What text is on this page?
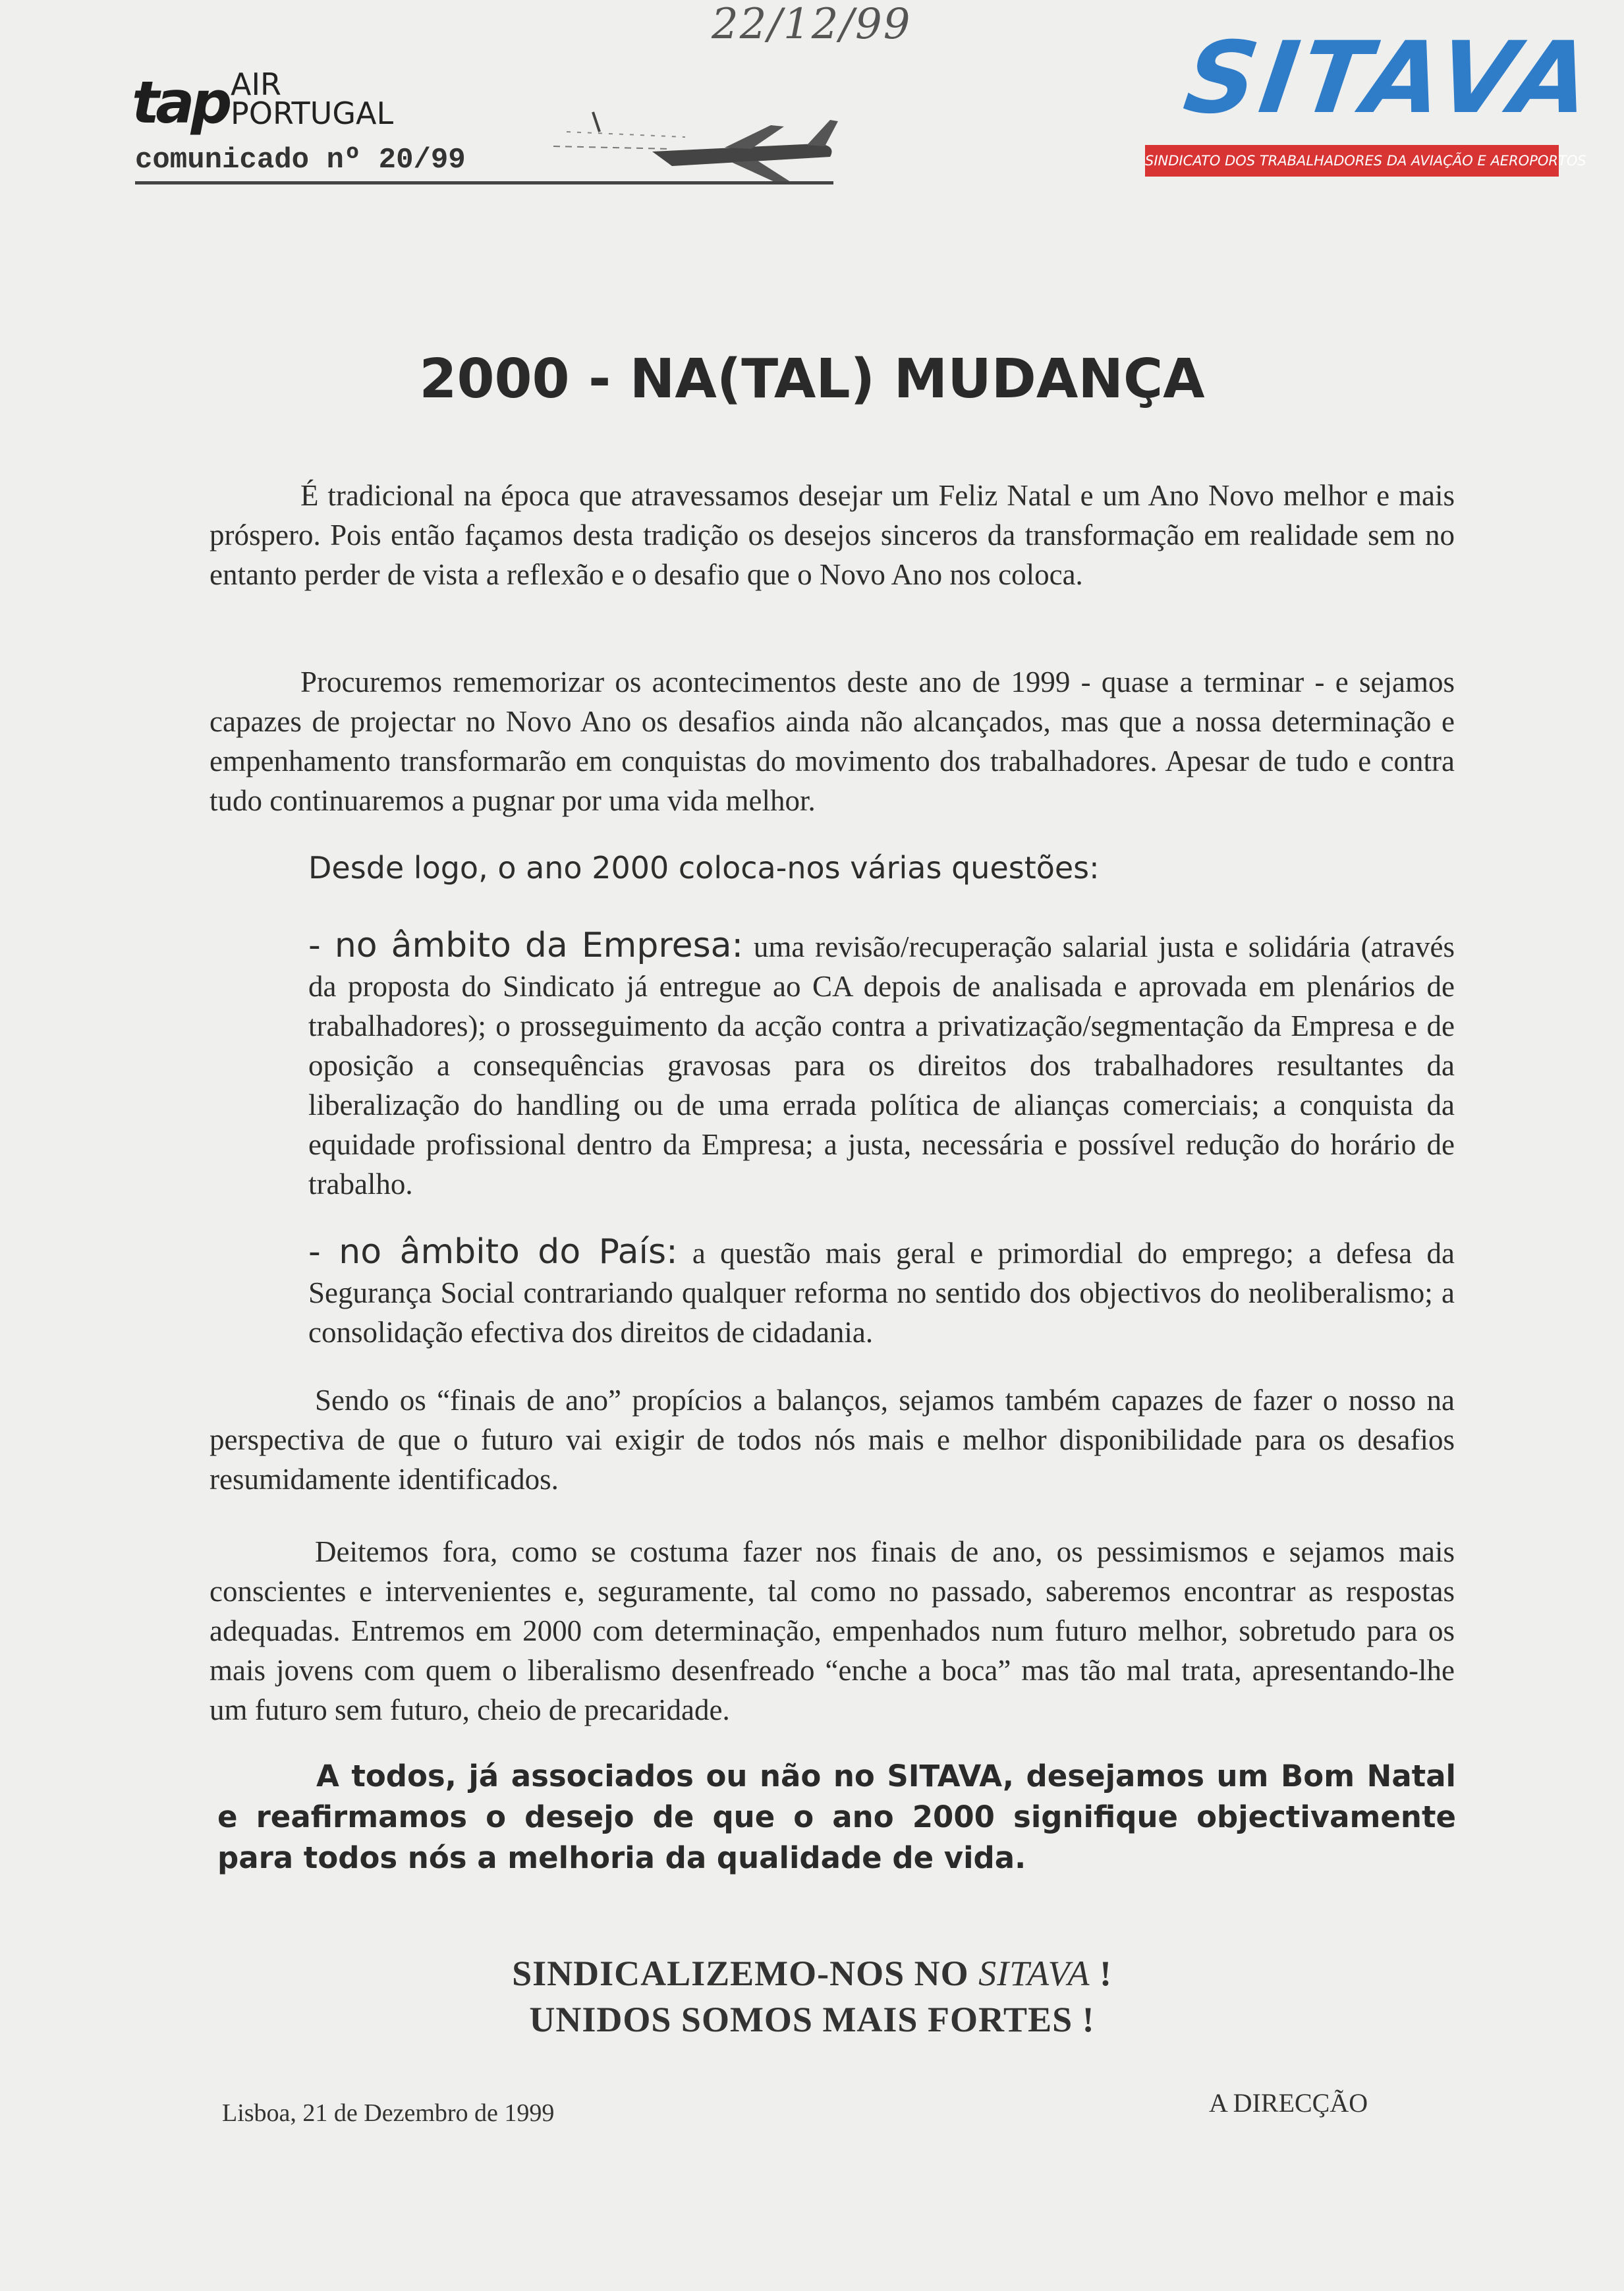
22/12/99
tap AIR
PORTUGAL
comunicado nº 20/99
SITAVA
SINDICATO DOS TRABALHADORES DA AVIAÇÃO E AEROPORTOS
2000 - NA(TAL) MUDANÇA
É tradicional na época que atravessamos desejar um Feliz Natal e um Ano Novo melhor e mais próspero. Pois então façamos desta tradição os desejos sinceros da transformação em realidade sem no entanto perder de vista a reflexão e o desafio que o Novo Ano nos coloca.
Procuremos rememorizar os acontecimentos deste ano de 1999 - quase a terminar - e sejamos capazes de projectar no Novo Ano os desafios ainda não alcançados, mas que a nossa determinação e empenhamento transformarão em conquistas do movimento dos trabalhadores. Apesar de tudo e contra tudo continuaremos a pugnar por uma vida melhor.
Desde logo, o ano 2000 coloca-nos várias questões:
- no âmbito da Empresa: uma revisão/recuperação salarial justa e solidária (através da proposta do Sindicato já entregue ao CA depois de analisada e aprovada em plenários de trabalhadores); o prosseguimento da acção contra a privatização/segmentação da Empresa e de oposição a consequências gravosas para os direitos dos trabalhadores resultantes da liberalização do handling ou de uma errada política de alianças comerciais; a conquista da equidade profissional dentro da Empresa; a justa, necessária e possível redução do horário de trabalho.
- no âmbito do País: a questão mais geral e primordial do emprego; a defesa da Segurança Social contrariando qualquer reforma no sentido dos objectivos do neoliberalismo; a consolidação efectiva dos direitos de cidadania.
Sendo os “finais de ano” propícios a balanços, sejamos também capazes de fazer o nosso na perspectiva de que o futuro vai exigir de todos nós mais e melhor disponibilidade para os desafios resumidamente identificados.
Deitemos fora, como se costuma fazer nos finais de ano, os pessimismos e sejamos mais conscientes e intervenientes e, seguramente, tal como no passado, saberemos encontrar as respostas adequadas. Entremos em 2000 com determinação, empenhados num futuro melhor, sobretudo para os mais jovens com quem o liberalismo desenfreado “enche a boca” mas tão mal trata, apresentando-lhe um futuro sem futuro, cheio de precaridade.
A todos, já associados ou não no SITAVA, desejamos um Bom Natal e reafirmamos o desejo de que o ano 2000 signifique objectivamente para todos nós a melhoria da qualidade de vida.
SINDICALIZEMO-NOS NO SITAVA !
UNIDOS SOMOS MAIS FORTES !
Lisboa, 21 de Dezembro de 1999	A DIRECÇÃO
